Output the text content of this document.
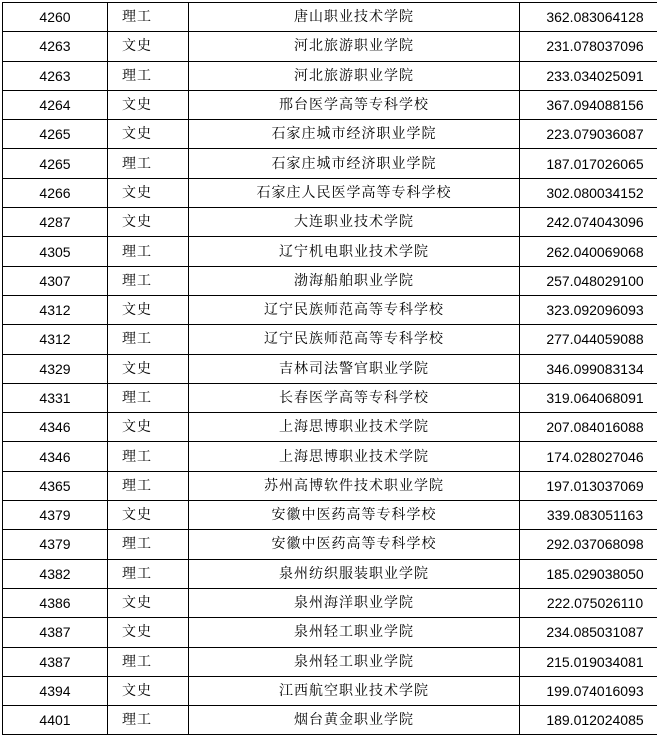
4260	理工	唐山职业技术学院	362.083064128
4263	文史	河北旅游职业学院	231.078037096
4263	理工	河北旅游职业学院	233.034025091
4264	文史	邢台医学高等专科学校	367.094088156
4265	文史	石家庄城市经济职业学院	223.079036087
4265	理工	石家庄城市经济职业学院	187.017026065
4266	文史	石家庄人民医学高等专科学校	302.080034152
4287	文史	大连职业技术学院	242.074043096
4305	理工	辽宁机电职业技术学院	262.040069068
4307	理工	渤海船舶职业学院	257.048029100
4312	文史	辽宁民族师范高等专科学校	323.092096093
4312	理工	辽宁民族师范高等专科学校	277.044059088
4329	文史	吉林司法警官职业学院	346.099083134
4331	理工	长春医学高等专科学校	319.064068091
4346	文史	上海思博职业技术学院	207.084016088
4346	理工	上海思博职业技术学院	174.028027046
4365	理工	苏州高博软件技术职业学院	197.013037069
4379	文史	安徽中医药高等专科学校	339.083051163
4379	理工	安徽中医药高等专科学校	292.037068098
4382	理工	泉州纺织服装职业学院	185.029038050
4386	文史	泉州海洋职业学院	222.075026110
4387	文史	泉州轻工职业学院	234.085031087
4387	理工	泉州轻工职业学院	215.019034081
4394	文史	江西航空职业技术学院	199.074016093
4401	理工	烟台黄金职业学院	189.012024085
